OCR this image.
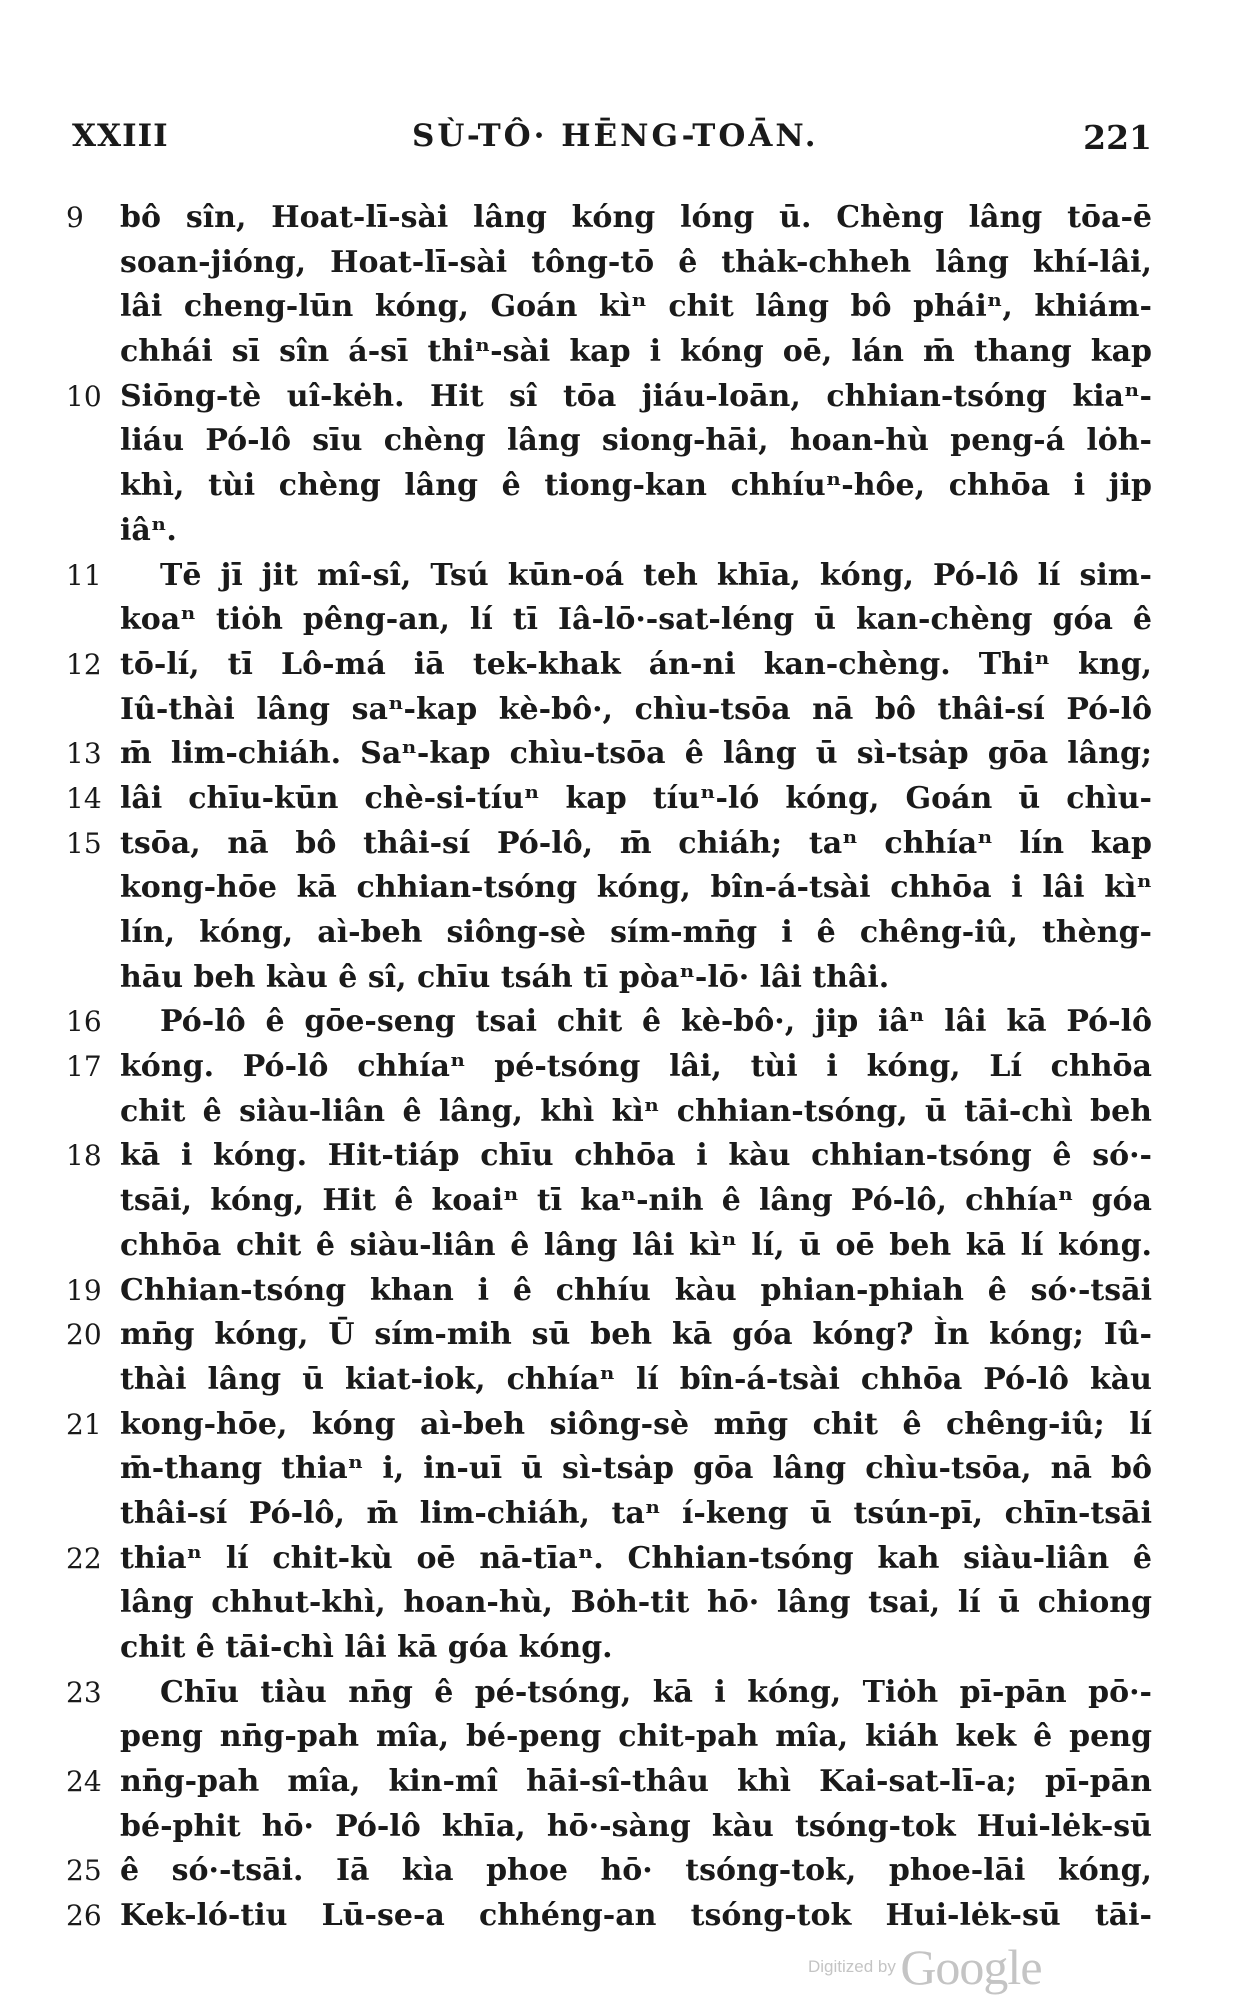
XXIII	SÙ-TÔ· HĒNG-TOĀN.	221
9	bô sîn, Hoat-lī-sài lâng kóng lóng ū. Chèng lâng tōa-ē
soan-jióng, Hoat-lī-sài tông-tō ê thȧk-chheh lâng khí-lâi,
lâi cheng-lūn kóng, Goán kìⁿ chit lâng bô pháiⁿ, khiám-
chhái sī sîn á-sī thiⁿ-sài kap i kóng oē, lán m̄ thang kap
10 Siōng-tè uî-kėh. Hit sî tōa jiáu-loān, chhian-tsóng kiaⁿ-
liáu Pó-lô sīu chèng lâng siong-hāi, hoan-hù peng-á lȯh-
khì, tùi chèng lâng ê tiong-kan chhíuⁿ-hôe, chhōa i jip
iâⁿ.
11 Tē jī jit mî-sî, Tsú kūn-oá teh khīa, kóng, Pó-lô lí sim-
koaⁿ tiȯh pêng-an, lí tī Iâ-lō·-sat-léng ū kan-chèng góa ê
12 tō-lí, tī Lô-má iā tek-khak án-ni kan-chèng. Thiⁿ kng,
Iû-thài lâng saⁿ-kap kè-bô·, chìu-tsōa nā bô thâi-sí Pó-lô
13 m̄ lim-chiáh. Saⁿ-kap chìu-tsōa ê lâng ū sì-tsȧp gōa lâng;
14 lâi chīu-kūn chè-si-tíuⁿ kap tíuⁿ-ló kóng, Goán ū chìu-
15 tsōa, nā bô thâi-sí Pó-lô, m̄ chiáh; taⁿ chhíaⁿ lín kap
kong-hōe kā chhian-tsóng kóng, bîn-á-tsài chhōa i lâi kìⁿ
lín, kóng, aì-beh siông-sè sím-mn̄g i ê chêng-iû, thèng-
hāu beh kàu ê sî, chīu tsáh tī pòaⁿ-lō· lâi thâi.
16 Pó-lô ê gōe-seng tsai chit ê kè-bô·, jip iâⁿ lâi kā Pó-lô
17 kóng. Pó-lô chhíaⁿ pé-tsóng lâi, tùi i kóng, Lí chhōa
chit ê siàu-liân ê lâng, khì kìⁿ chhian-tsóng, ū tāi-chì beh
18 kā i kóng. Hit-tiáp chīu chhōa i kàu chhian-tsóng ê só·-
tsāi, kóng, Hit ê koaiⁿ tī kaⁿ-nih ê lâng Pó-lô, chhíaⁿ góa
chhōa chit ê siàu-liân ê lâng lâi kìⁿ lí, ū oē beh kā lí kóng.
19 Chhian-tsóng khan i ê chhíu kàu phian-phiah ê só·-tsāi
20 mn̄g kóng, Ū sím-mih sū beh kā góa kóng? Ìn kóng; Iû-
thài lâng ū kiat-iok, chhíaⁿ lí bîn-á-tsài chhōa Pó-lô kàu
21 kong-hōe, kóng aì-beh siông-sè mn̄g chit ê chêng-iû; lí
m̄-thang thiaⁿ i, in-uī ū sì-tsȧp gōa lâng chìu-tsōa, nā bô
thâi-sí Pó-lô, m̄ lim-chiáh, taⁿ í-keng ū tsún-pī, chīn-tsāi
22 thiaⁿ lí chit-kù oē nā-tīaⁿ. Chhian-tsóng kah siàu-liân ê
lâng chhut-khì, hoan-hù, Bȯh-tit hō· lâng tsai, lí ū chiong
chit ê tāi-chì lâi kā góa kóng.
23 Chīu tiàu nn̄g ê pé-tsóng, kā i kóng, Tiȯh pī-pān pō·-
peng nn̄g-pah mîa, bé-peng chit-pah mîa, kiáh kek ê peng
24 nn̄g-pah mîa, kin-mî hāi-sî-thâu khì Kai-sat-lī-a; pī-pān
bé-phit hō· Pó-lô khīa, hō·-sàng kàu tsóng-tok Hui-lėk-sū
25 ê só·-tsāi. Iā kìa phoe hō· tsóng-tok, phoe-lāi kóng,
26 Kek-ló-tiu Lū-se-a chhéng-an tsóng-tok Hui-lėk-sū tāi-
Digitized by Google
